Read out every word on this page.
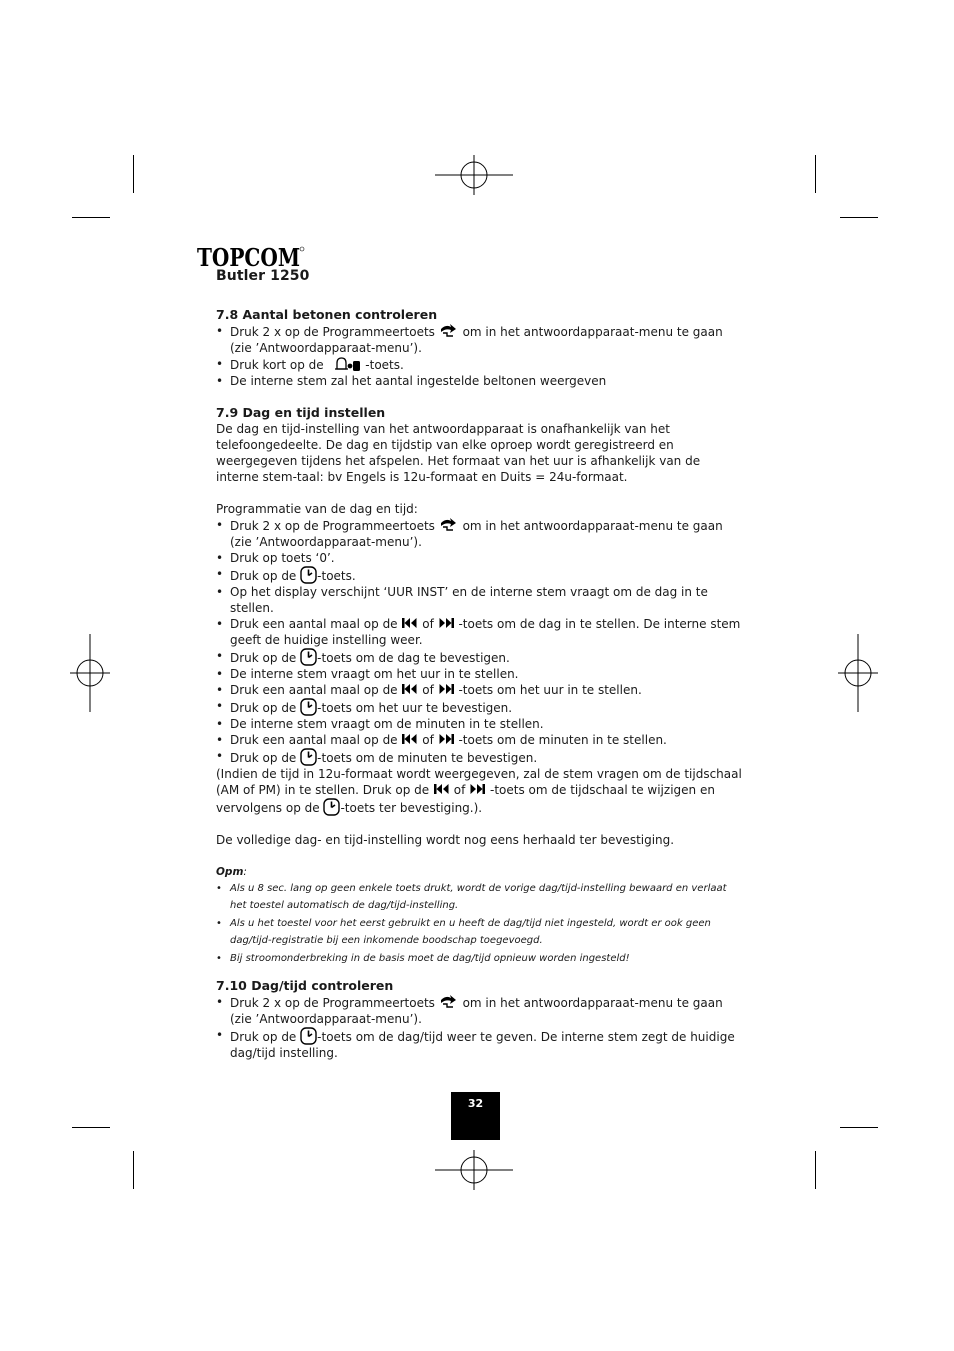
TOPCOM
Butler 1250
7.8 Aantal betonen controleren
• Druk 2 x op de Programmeertoets om in het antwoordapparaat-menu te gaan (zie ’Antwoordapparaat-menu’).
• Druk kort op de	-toets.
• De interne stem zal het aantal ingestelde beltonen weergeven
7.9 Dag en tijd instellen

De dag en tijd-instelling van het antwoordapparaat is onafhankelijk van het telefoongedeelte. De dag en tijdstip van elke oproep wordt geregistreerd en weergegeven tijdens het afspelen. Het formaat van het uur is afhankelijk van de interne stem-taal: bv Engels is 12u-formaat en Duits = 24u-formaat.

Programmatie van de dag en tijd:

• Druk 2 x op de Programmeertoets om in het antwoordapparaat-menu te gaan (zie ’Antwoordapparaat-menu’).
• Druk op toets ‘0’.
• Druk op de -toets.
• Op het display verschijnt ‘UUR INST’ en de interne stem vraagt om de dag in te stellen.
• Druk een aantal maal op de of -toets om de dag in te stellen. De interne stem geeft de huidige instelling weer.
• Druk op de -toets om de dag te bevestigen.
• De interne stem vraagt om het uur in te stellen.
• Druk een aantal maal op de of -toets om het uur in te stellen.
• Druk op de -toets om het uur te bevestigen.
• De interne stem vraagt om de minuten in te stellen.
• Druk een aantal maal op de of -toets om de minuten in te stellen.
• Druk op de -toets om de minuten te bevestigen.

(Indien de tijd in 12u-formaat wordt weergegeven, zal de stem vragen om de tijdschaal (AM of PM) in te stellen. Druk op de of -toets om de tijdschaal te wijzigen en vervolgens op de -toets ter bevestiging.).

De volledige dag- en tijd-instelling wordt nog eens herhaald ter bevestiging.

Opm:

• Als u 8 sec. lang op geen enkele toets drukt, wordt de vorige dag/tijd-instelling bewaard en verlaat het toestel automatisch de dag/tijd-instelling.
• Als u het toestel voor het eerst gebruikt en u heeft de dag/tijd niet ingesteld, wordt er ook geen dag/tijd-registratie bij een inkomende boodschap toegevoegd.
• Bij stroomonderbreking in de basis moet de dag/tijd opnieuw worden ingesteld!
7.10 Dag/tijd controleren
• Druk 2 x op de Programmeertoets om in het antwoordapparaat-menu te gaan (zie ’Antwoordapparaat-menu’).
• Druk op de -toets om de dag/tijd weer te geven. De interne stem zegt de huidige dag/tijd instelling.
32
